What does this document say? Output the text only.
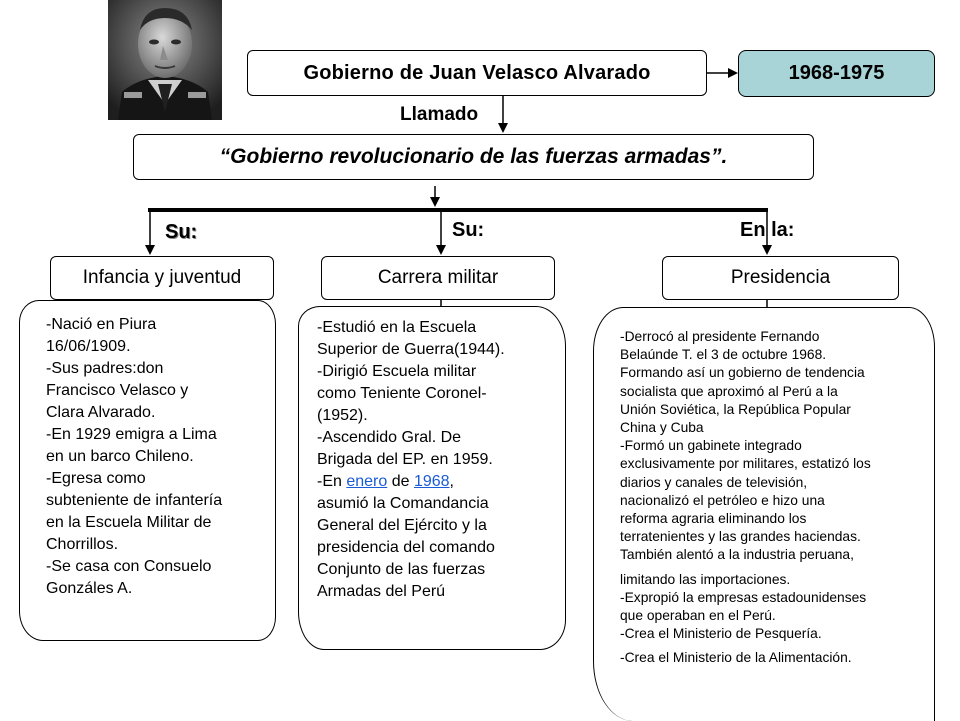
Gobierno de Juan Velasco Alvarado	1968-1975
Llamado
“Gobierno revolucionario de las fuerzas armadas”.
Su:	Su:	En la:
Infancia y juventud	Carrera militar	Presidencia
-Nació en Piura
16/06/1909.
-Sus padres:don
Francisco Velasco y
Clara Alvarado.
-En 1929 emigra a Lima
en un barco Chileno.
-Egresa como
subteniente de infantería
en la Escuela Militar de
Chorrillos.
-Se casa con Consuelo
Gonzáles A.
-Estudió en la Escuela
Superior de Guerra(1944).
-Dirigió Escuela militar
como Teniente Coronel-
(1952).
-Ascendido Gral. De
Brigada del EP. en 1959.
-En enero de 1968,
asumió la Comandancia
General del Ejército y la
presidencia del comando
Conjunto de las fuerzas
Armadas del Perú
-Derrocó al presidente Fernando
Belaúnde T. el 3 de octubre 1968.
Formando así un gobierno de tendencia
socialista que aproximó al Perú a la
Unión Soviética, la República Popular
China y Cuba
-Formó un gabinete integrado
exclusivamente por militares, estatizó los
diarios y canales de televisión,
nacionalizó el petróleo e hizo una
reforma agraria eliminando los
terratenientes y las grandes haciendas.
También alentó a la industria peruana,
limitando las importaciones.
-Expropió la empresas estadounidenses
que operaban en el Perú.
-Crea el Ministerio de Pesquería.
-Crea el Ministerio de la Alimentación.
